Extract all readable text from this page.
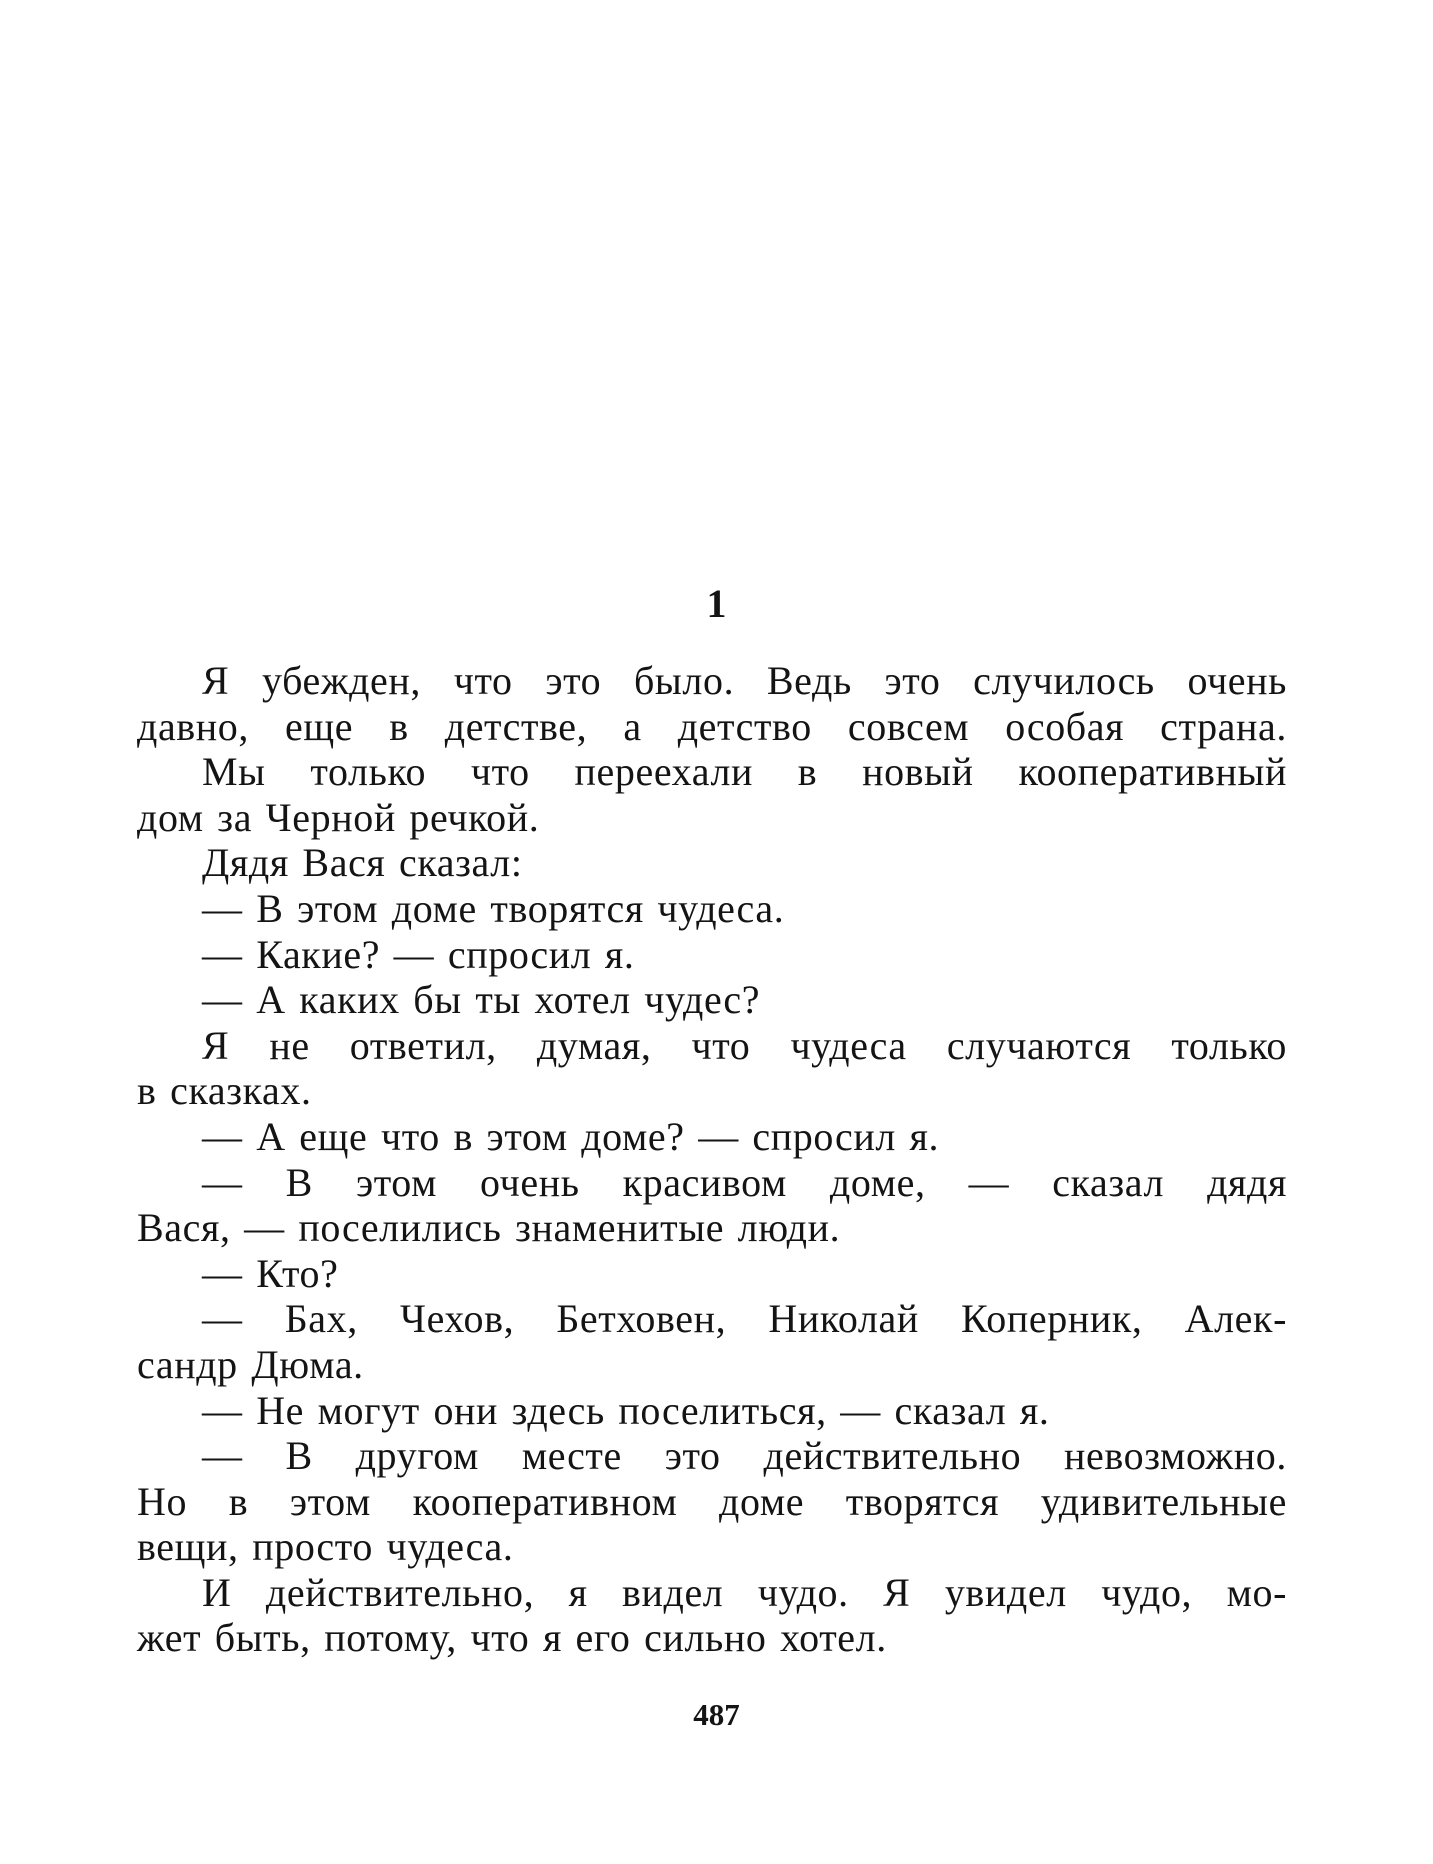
1
Я убежден, что это было. Ведь это случилось очень
давно, еще в детстве, а детство совсем особая страна.
Мы только что переехали в новый кооперативный
дом за Черной речкой.
Дядя Вася сказал:
— В этом доме творятся чудеса.
— Какие? — спросил я.
— А каких бы ты хотел чудес?
Я не ответил, думая, что чудеса случаются только
в сказках.
— А еще что в этом доме? — спросил я.
— В этом очень красивом доме, — сказал дядя
Вася, — поселились знаменитые люди.
— Кто?
— Бах, Чехов, Бетховен, Николай Коперник, Алек-
сандр Дюма.
— Не могут они здесь поселиться, — сказал я.
— В другом месте это действительно невозможно.
Но в этом кооперативном доме творятся удивительные
вещи, просто чудеса.
И действительно, я видел чудо. Я увидел чудо, мо-
жет быть, потому, что я его сильно хотел.
487
